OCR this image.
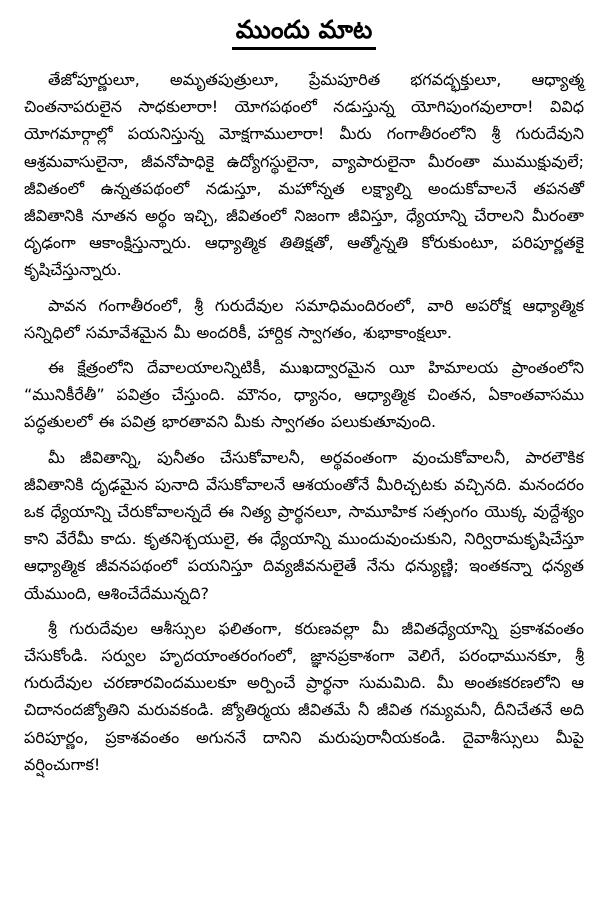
ముందు మాట

తేజోపూర్ణులూ, అమృతపుత్రులూ, ప్రేమపూరిత భగవద్భక్తులూ, ఆధ్యాత్మ చింతనాపరులైన సాధకులారా! యోగపథంలో నడుస్తున్న యోగిపుంగవులారా! వివిధ యోగమార్గాల్లో పయనిస్తున్న మోక్షగాములారా! మీరు గంగాతీరంలోని శ్రీ గురుదేవుని ఆశ్రమవాసులైనా, జీవనోపాధికై ఉద్యోగస్థులైనా, వ్యాపారులైనా మీరంతా ముముక్షువులే; జీవితంలో ఉన్నతపథంలో నడుస్తూ, మహోన్నత లక్ష్యాల్ని అందుకోవాలనే తపనతో జీవితానికి నూతన అర్థం ఇచ్చి, జీవితంలో నిజంగా జీవిస్తూ, ధ్యేయాన్ని చేరాలని మీరంతా దృఢంగా ఆకాంక్షిస్తున్నారు. ఆధ్యాత్మిక తితిక్షతో, ఆత్మోన్నతి కోరుకుంటూ, పరిపూర్ణతకై కృషిచేస్తున్నారు.

పావన గంగాతీరంలో, శ్రీ గురుదేవుల సమాధిమందిరంలో, వారి అపరోక్ష ఆధ్యాత్మిక సన్నిధిలో సమావేశమైన మీ అందరికీ, హార్దిక స్వాగతం, శుభాకాంక్షలూ.

ఈ క్షేత్రంలోని దేవాలయాలన్నిటికీ, ముఖద్వారమైన యీ హిమాలయ ప్రాంతంలోని “మునికీరేతీ” పవిత్రం చేస్తుంది. మౌనం, ధ్యానం, ఆధ్యాత్మిక చింతన, ఏకాంతవాసము పద్ధతులలో ఈ పవిత్ర భారతావని మీకు స్వాగతం పలుకుతూవుంది.

మీ జీవితాన్ని, పునీతం చేసుకోవాలనీ, అర్థవంతంగా వుంచుకోవాలనీ, పారలౌకిక జీవితానికి దృఢమైన పునాది వేసుకోవాలనే ఆశయంతోనే మీరిచ్చటకు వచ్చినది. మనందరం ఒక ధ్యేయాన్ని చేరుకోవాలన్నదే ఈ నిత్య ప్రార్థనలూ, సామూహిక సత్సంగం యొక్క వుద్దేశ్యం కాని వేరేమీ కాదు. కృతనిశ్చయులై, ఈ ధ్యేయాన్ని ముందువుంచుకుని, నిర్విరామకృషిచేస్తూ ఆధ్యాత్మిక జీవనపథంలో పయనిస్తూ దివ్యజీవనులైతే నేను ధన్యుణ్ణి; ఇంతకన్నా ధన్యత యేముంది, ఆశించేదేమున్నది?

శ్రీ గురుదేవుల ఆశీస్సుల ఫలితంగా, కరుణవల్లా మీ జీవితధ్యేయాన్ని ప్రకాశవంతం చేసుకోండి. సర్వుల హృదయాంతరంగంలో, జ్ఞానప్రకాశంగా వెలిగే, పరంధామునకూ, శ్రీ గురుదేవుల చరణారవిందములకూ అర్పించే ప్రార్థనా సుమమిది. మీ అంతఃకరణలోని ఆ చిదానందజ్యోతిని మరువకండి. జ్యోతిర్మయ జీవితమే నీ జీవిత గమ్యమనీ, దీనిచేతనే అది పరిపూర్ణం, ప్రకాశవంతం అగుననే దానిని మరుపురానీయకండి. దైవాశీస్సులు మీపై వర్షించుగాక!
